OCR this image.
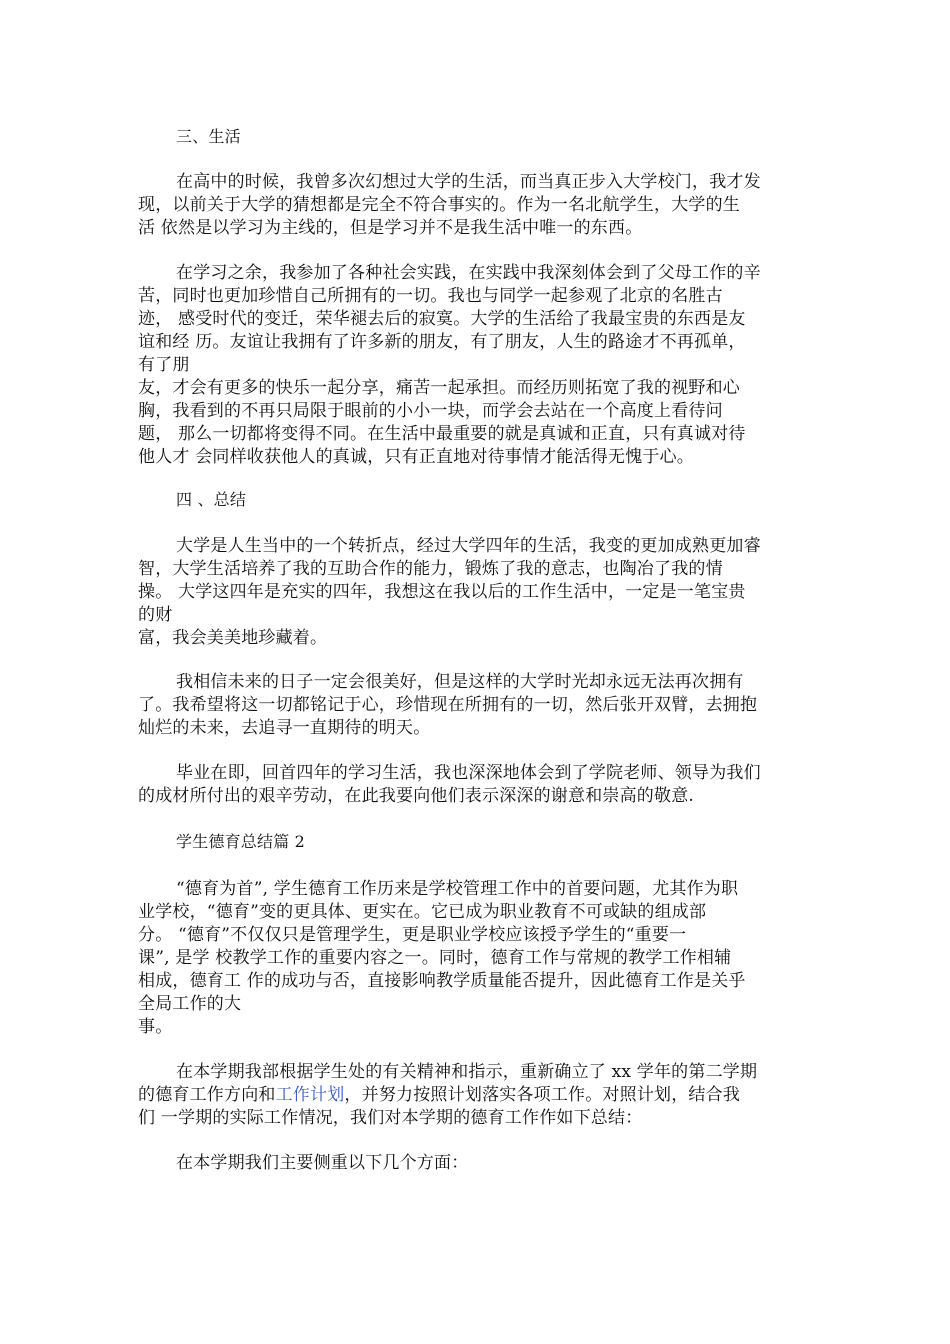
三、生活
在高中的时候，我曾多次幻想过大学的生活，而当真正步入大学校门，我才发
现，以前关于大学的猜想都是完全不符合事实的。作为一名北航学生，大学的生
活 依然是以学习为主线的，但是学习并不是我生活中唯一的东西。
在学习之余，我参加了各种社会实践，在实践中我深刻体会到了父母工作的辛
苦，同时也更加珍惜自己所拥有的一切。我也与同学一起参观了北京的名胜古
迹， 感受时代的变迁，荣华褪去后的寂寞。大学的生活给了我最宝贵的东西是友
谊和经 历。友谊让我拥有了许多新的朋友，有了朋友，人生的路途才不再孤单，
有了朋
友，才会有更多的快乐一起分享，痛苦一起承担。而经历则拓宽了我的视野和心
胸，我看到的不再只局限于眼前的小小一块，而学会去站在一个高度上看待问
题， 那么一切都将变得不同。在生活中最重要的就是真诚和正直，只有真诚对待
他人才 会同样收获他人的真诚，只有正直地对待事情才能活得无愧于心。
四 、总结
大学是人生当中的一个转折点，经过大学四年的生活，我变的更加成熟更加睿
智，大学生活培养了我的互助合作的能力，锻炼了我的意志，也陶冶了我的情
操。 大学这四年是充实的四年，我想这在我以后的工作生活中，一定是一笔宝贵
的财
富，我会美美地珍藏着。
我相信未来的日子一定会很美好，但是这样的大学时光却永远无法再次拥有
了。我希望将这一切都铭记于心，珍惜现在所拥有的一切，然后张开双臂，去拥抱
灿烂的未来，去追寻一直期待的明天。
毕业在即，回首四年的学习生活，我也深深地体会到了学院老师、领导为我们
的成材所付出的艰辛劳动，在此我要向他们表示深深的谢意和崇高的敬意.
学生德育总结篇 2
“德育为首”, 学生德育工作历来是学校管理工作中的首要问题，尤其作为职
业学校，“德育”变的更具体、更实在。它已成为职业教育不可或缺的组成部
分。 “德育”不仅仅只是管理学生，更是职业学校应该授予学生的“重要一
课”, 是学 校教学工作的重要内容之一。同时，德育工作与常规的教学工作相辅
相成，德育工 作的成功与否，直接影响教学质量能否提升，因此德育工作是关乎
全局工作的大
事。
在本学期我部根据学生处的有关精神和指示，重新确立了 xx 学年的第二学期
的德育工作方向和工作计划，并努力按照计划落实各项工作。对照计划，结合我
们 一学期的实际工作情况，我们对本学期的德育工作作如下总结：
在本学期我们主要侧重以下几个方面：
